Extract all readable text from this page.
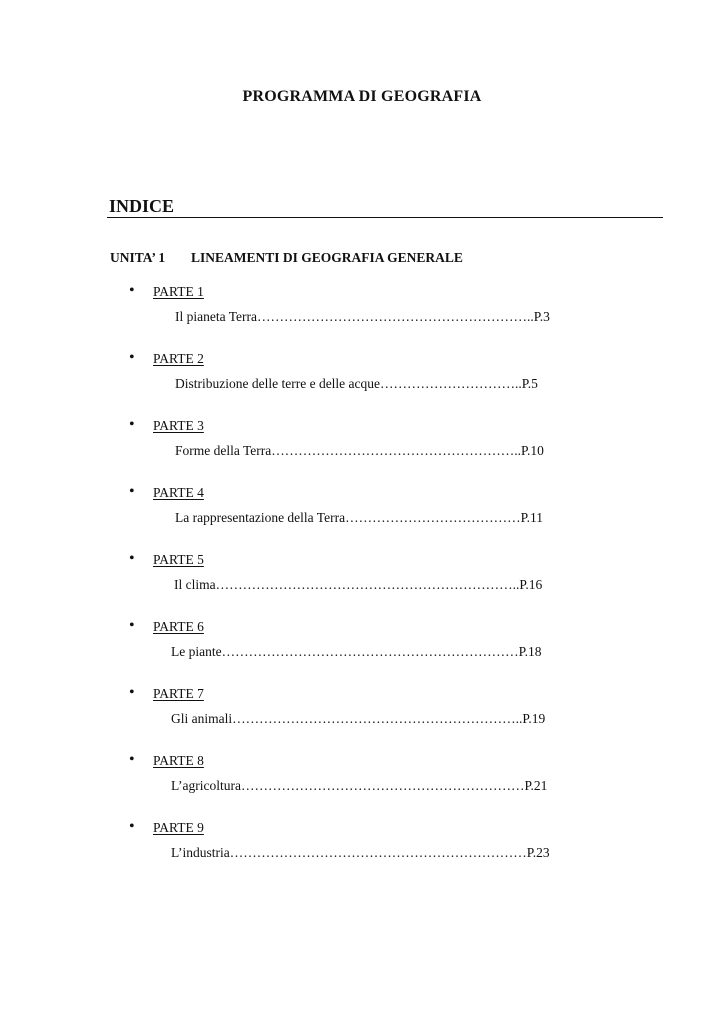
PROGRAMMA DI GEOGRAFIA
INDICE
UNITA’ 1 LINEAMENTI DI GEOGRAFIA GENERALE
• PARTE 1
Il pianeta Terra……………………………………………………..P.3
• PARTE 2
Distribuzione delle terre e delle acque…………………………..P.5
• PARTE 3
Forme della Terra………………………………………………..P.10
• PARTE 4
La rappresentazione della Terra…………………………………P.11
• PARTE 5
Il clima…………………………………………………………..P.16
• PARTE 6
Le piante…………………………………………………………P.18
• PARTE 7
Gli animali………………………………………………………..P.19
• PARTE 8
L’agricoltura………………………………………………………P.21
• PARTE 9
L’industria…………………………………………………………P.23
